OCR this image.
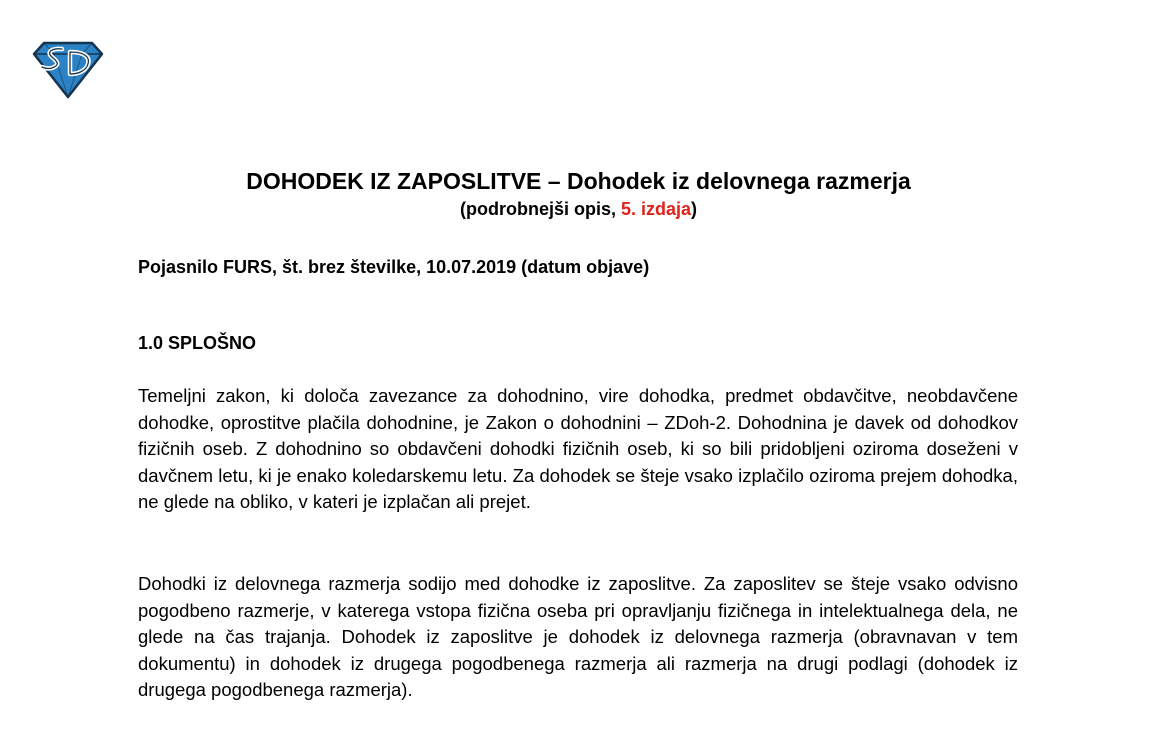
DOHODEK IZ ZAPOSLITVE – Dohodek iz delovnega razmerja
(podrobnejši opis, 5. izdaja)
Pojasnilo FURS, št. brez številke, 10.07.2019 (datum objave)
1.0 SPLOŠNO

Temeljni zakon, ki določa zavezance za dohodnino, vire dohodka, predmet obdavčitve, neobdavčene dohodke, oprostitve plačila dohodnine, je Zakon o dohodnini – ZDoh-2. Dohodnina je davek od dohodkov fizičnih oseb. Z dohodnino so obdavčeni dohodki fizičnih oseb, ki so bili pridobljeni oziroma doseženi v davčnem letu, ki je enako koledarskemu letu. Za dohodek se šteje vsako izplačilo oziroma prejem dohodka, ne glede na obliko, v kateri je izplačan ali prejet.

Dohodki iz delovnega razmerja sodijo med dohodke iz zaposlitve. Za zaposlitev se šteje vsako odvisno pogodbeno razmerje, v katerega vstopa fizična oseba pri opravljanju fizičnega in intelektualnega dela, ne glede na čas trajanja. Dohodek iz zaposlitve je dohodek iz delovnega razmerja (obravnavan v tem dokumentu) in dohodek iz drugega pogodbenega razmerja ali razmerja na drugi podlagi (dohodek iz drugega pogodbenega razmerja).
